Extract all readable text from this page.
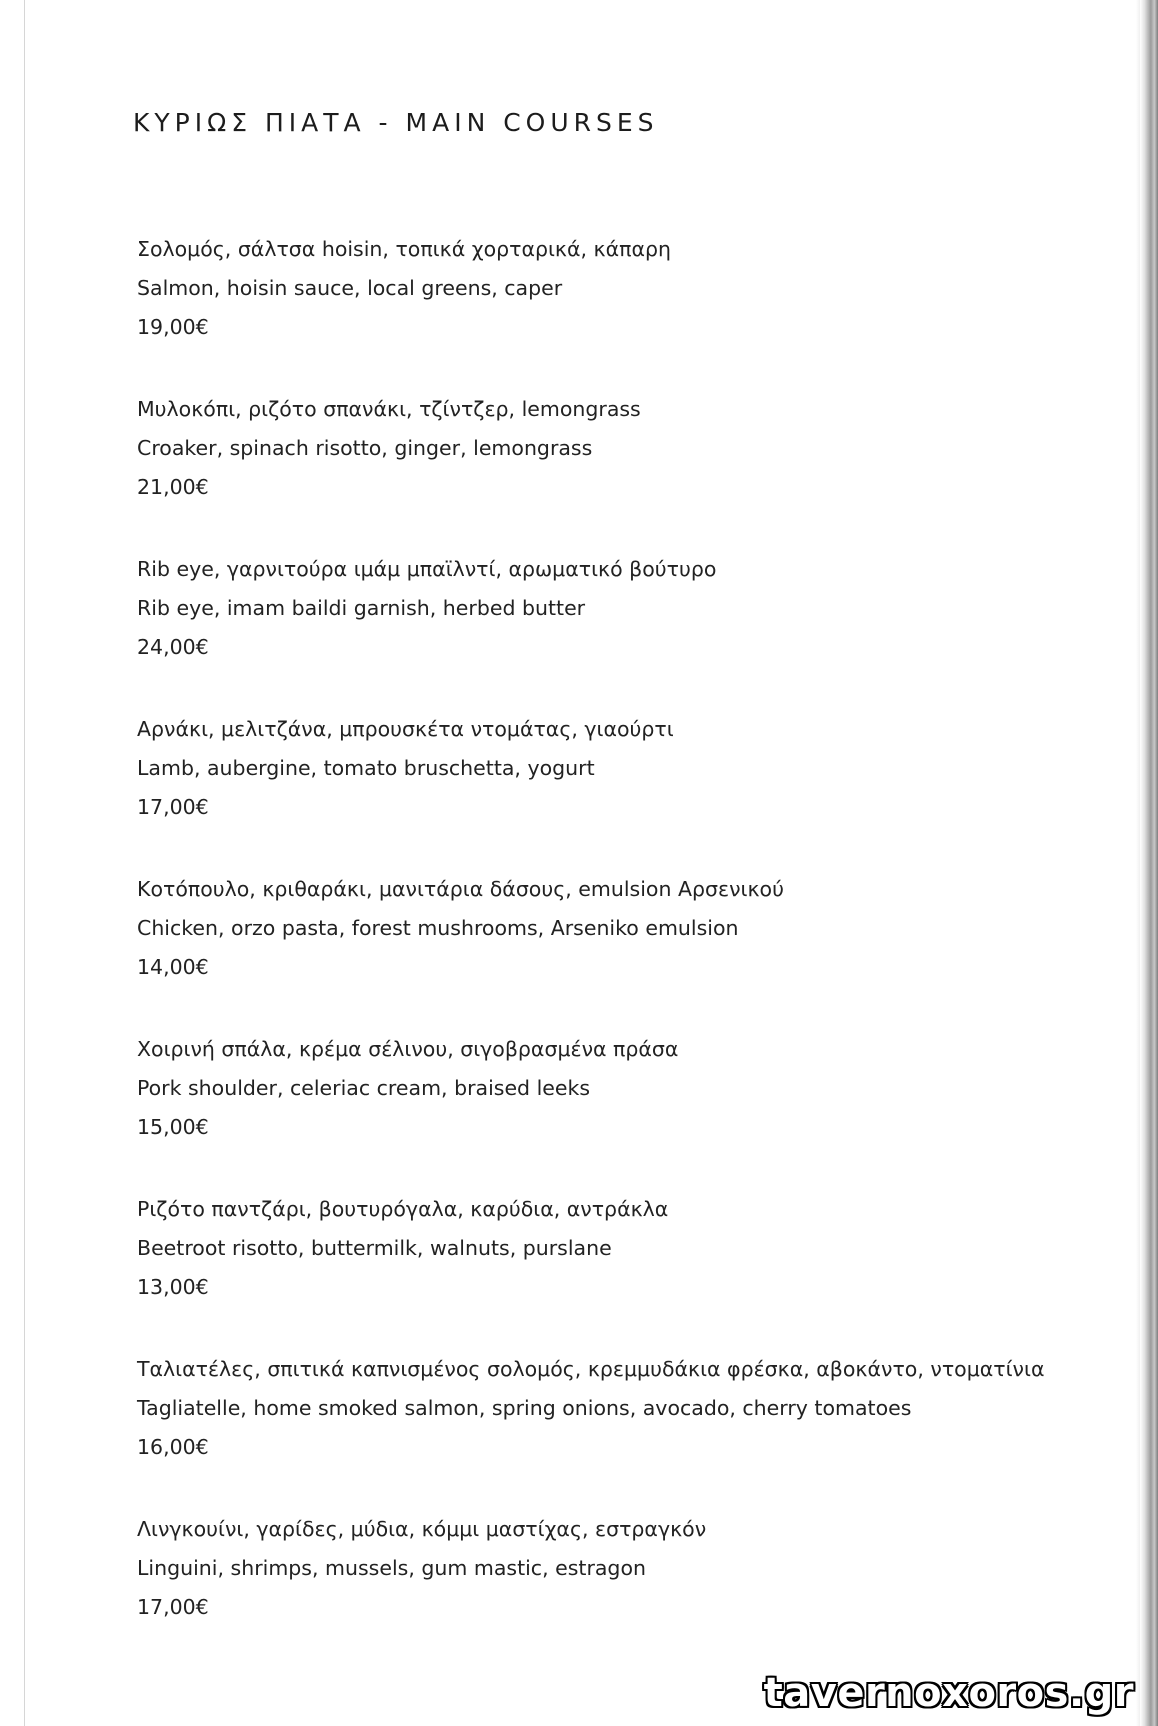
ΚΥΡΙΩΣ ΠΙΑΤΑ - MAIN COURSES
Σολομός, σάλτσα hoisin, τοπικά χορταρικά, κάπαρη
Salmon, hoisin sauce, local greens, caper
19,00€
Μυλοκόπι, ριζότο σπανάκι, τζίντζερ, lemongrass
Croaker, spinach risotto, ginger, lemongrass
21,00€
Rib eye, γαρνιτούρα ιμάμ μπαϊλντί, αρωματικό βούτυρο
Rib eye, imam baildi garnish, herbed butter
24,00€
Αρνάκι, μελιτζάνα, μπρουσκέτα ντομάτας, γιαούρτι
Lamb, aubergine, tomato bruschetta, yogurt
17,00€
Κοτόπουλο, κριθαράκι, μανιτάρια δάσους, emulsion Αρσενικού
Chicken, orzo pasta, forest mushrooms, Arseniko emulsion
14,00€
Χοιρινή σπάλα, κρέμα σέλινου, σιγοβρασμένα πράσα
Pork shoulder, celeriac cream, braised leeks
15,00€
Ριζότο παντζάρι, βουτυρόγαλα, καρύδια, αντράκλα
Beetroot risotto, buttermilk, walnuts, purslane
13,00€
Ταλιατέλες, σπιτικά καπνισμένος σολομός, κρεμμυδάκια φρέσκα, αβοκάντο, ντοματίνια
Tagliatelle, home smoked salmon, spring onions, avocado, cherry tomatoes
16,00€
Λινγκουίνι, γαρίδες, μύδια, κόμμι μαστίχας, εστραγκόν
Linguini, shrimps, mussels, gum mastic, estragon
17,00€
tavernoxoros.gr
